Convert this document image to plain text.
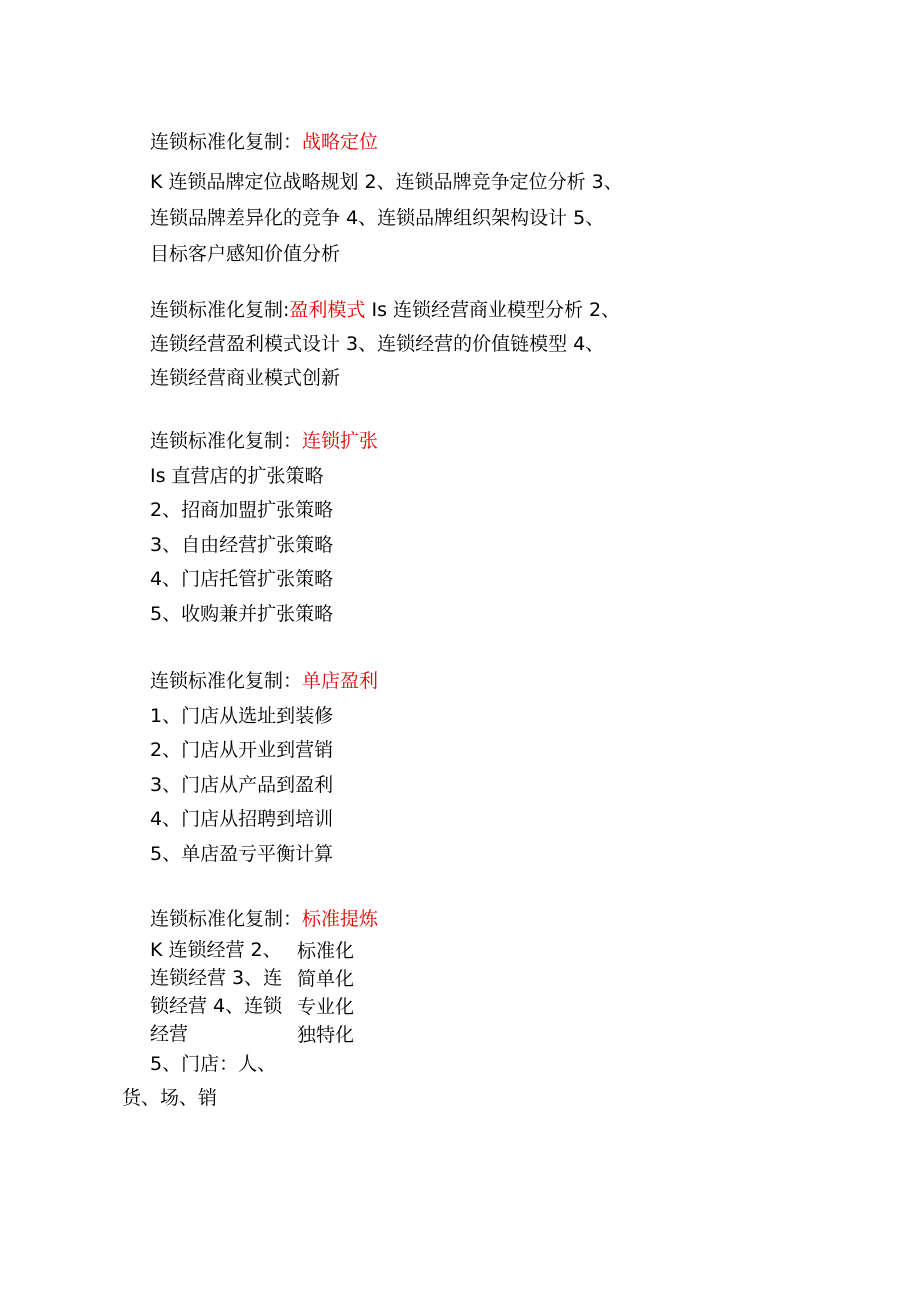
连锁标准化复制：战略定位
K 连锁品牌定位战略规划 2、连锁品牌竞争定位分析 3、
连锁品牌差异化的竞争 4、连锁品牌组织架构设计 5、
目标客户感知价值分析
连锁标准化复制:盈利模式 Is 连锁经营商业模型分析 2、
连锁经营盈利模式设计 3、连锁经营的价值链模型 4、
连锁经营商业模式创新
连锁标准化复制：连锁扩张
Is 直营店的扩张策略
2、招商加盟扩张策略
3、自由经营扩张策略
4、门店托管扩张策略
5、收购兼并扩张策略
连锁标准化复制：单店盈利
1、门店从选址到装修
2、门店从开业到营销
3、门店从产品到盈利
4、门店从招聘到培训
5、单店盈亏平衡计算
连锁标准化复制：标准提炼
K 连锁经营 2、
连锁经营 3、连
锁经营 4、连锁
经营
标准化
简单化
专业化
独特化
5、门店：人、
货、场、销
